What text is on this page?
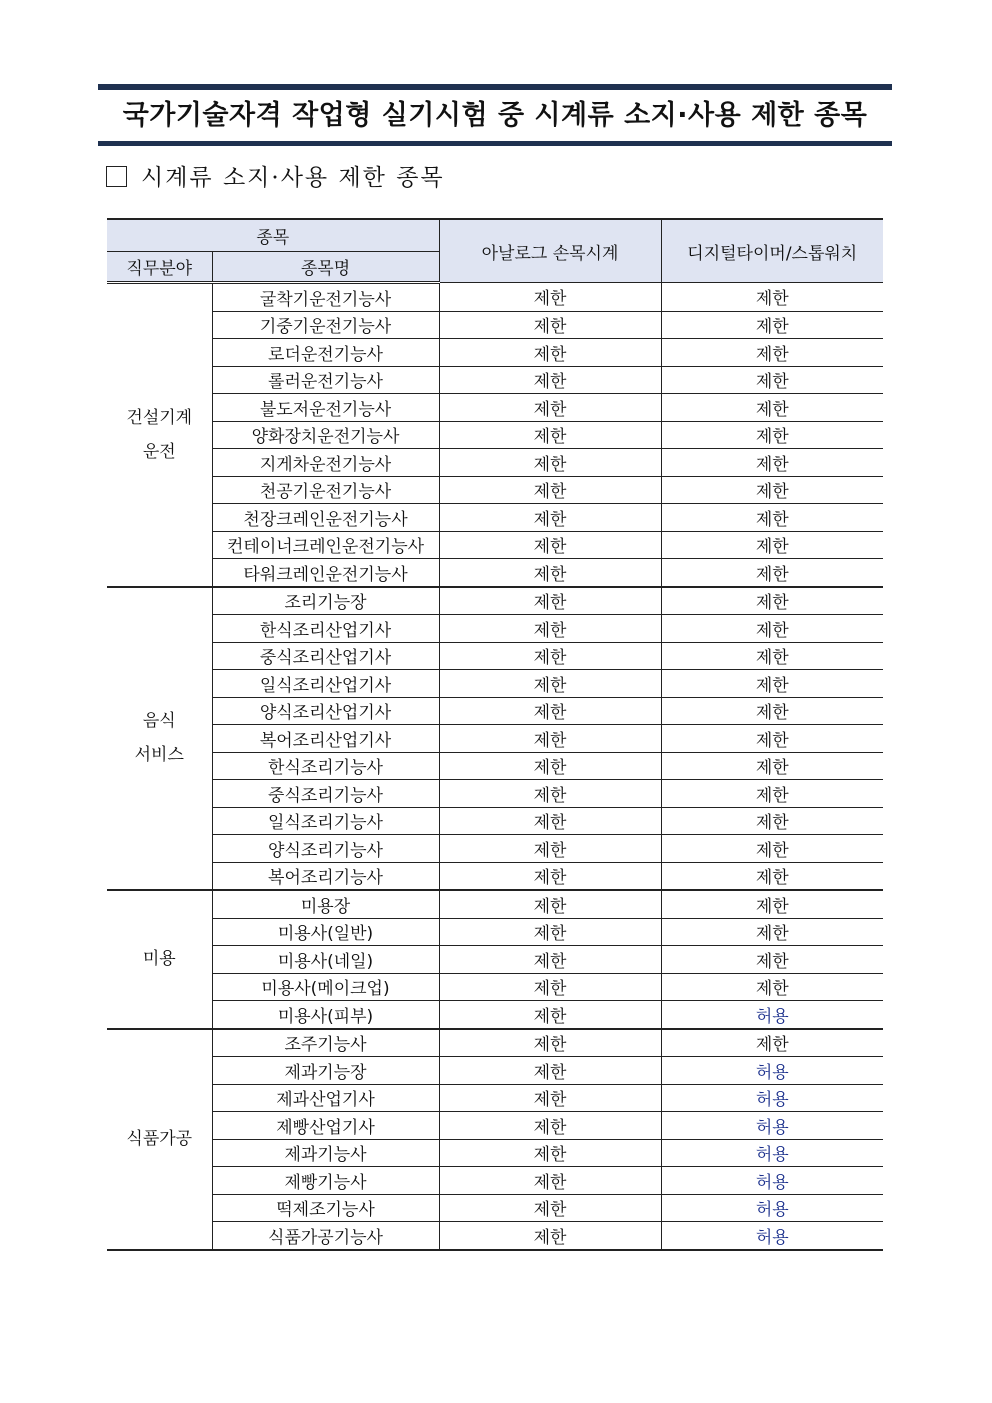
국가기술자격 작업형 실기시험 중 시계류 소지·사용 제한 종목
시계류 소지·사용 제한 종목
종목		아날로그 손목시계	디지털타이머/스톱워치
직무분야	종목명		
건설기계
운전	굴착기운전기능사	제한	제한
	기중기운전기능사	제한	제한
	로더운전기능사	제한	제한
	롤러운전기능사	제한	제한
	불도저운전기능사	제한	제한
	양화장치운전기능사	제한	제한
	지게차운전기능사	제한	제한
	천공기운전기능사	제한	제한
	천장크레인운전기능사	제한	제한
	컨테이너크레인운전기능사	제한	제한
	타워크레인운전기능사	제한	제한
음식
서비스	조리기능장	제한	제한
	한식조리산업기사	제한	제한
	중식조리산업기사	제한	제한
	일식조리산업기사	제한	제한
	양식조리산업기사	제한	제한
	복어조리산업기사	제한	제한
	한식조리기능사	제한	제한
	중식조리기능사	제한	제한
	일식조리기능사	제한	제한
	양식조리기능사	제한	제한
	복어조리기능사	제한	제한
미용	미용장	제한	제한
	미용사(일반)	제한	제한
	미용사(네일)	제한	제한
	미용사(메이크업)	제한	제한
	미용사(피부)	제한	허용
식품가공	조주기능사	제한	제한
	제과기능장	제한	허용
	제과산업기사	제한	허용
	제빵산업기사	제한	허용
	제과기능사	제한	허용
	제빵기능사	제한	허용
	떡제조기능사	제한	허용
	식품가공기능사	제한	허용
